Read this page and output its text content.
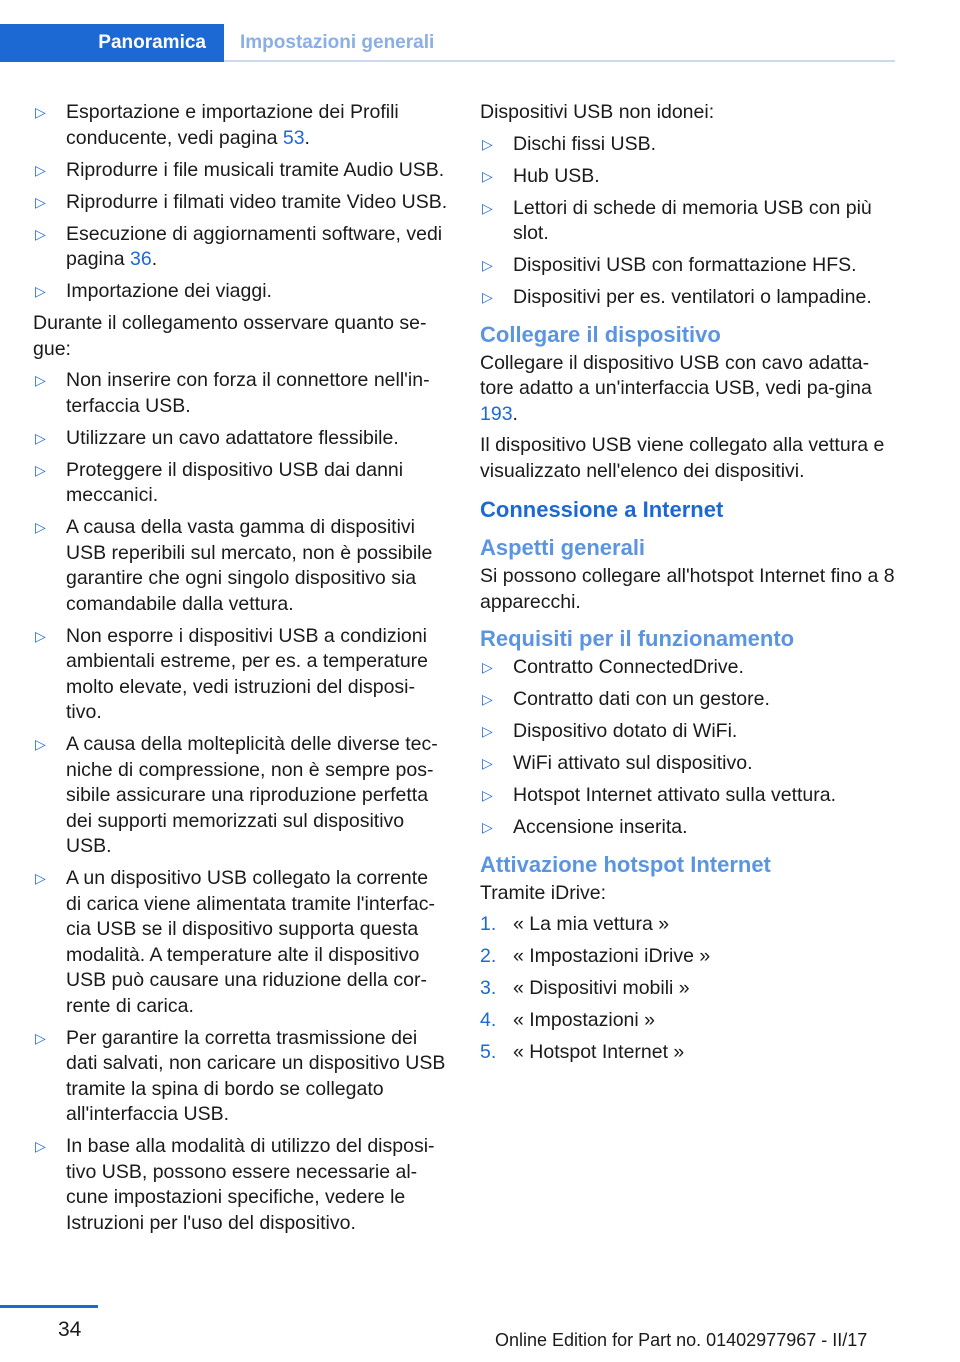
Panoramica	Impostazioni generali
▷ Esportazione e importazione dei Profili conducente, vedi pagina 53.
▷ Riprodurre i file musicali tramite Audio USB.
▷ Riprodurre i filmati video tramite Video USB.
▷ Esecuzione di aggiornamenti software, vedi pagina 36.
▷ Importazione dei viaggi.

Durante il collegamento osservare quanto se-gue:

▷ Non inserire con forza il connettore nell'in-terfaccia USB.
▷ Utilizzare un cavo adattatore flessibile.
▷ Proteggere il dispositivo USB dai danni meccanici.
▷ A causa della vasta gamma di dispositivi USB reperibili sul mercato, non è possibile garantire che ogni singolo dispositivo sia comandabile dalla vettura.
▷ Non esporre i dispositivi USB a condizioni ambientali estreme, per es. a temperature molto elevate, vedi istruzioni del disposi-tivo.
▷ A causa della molteplicità delle diverse tec-niche di compressione, non è sempre pos-sibile assicurare una riproduzione perfetta dei supporti memorizzati sul dispositivo USB.
▷ A un dispositivo USB collegato la corrente di carica viene alimentata tramite l'interfac-cia USB se il dispositivo supporta questa modalità. A temperature alte il dispositivo USB può causare una riduzione della cor-rente di carica.
▷ Per garantire la corretta trasmissione dei dati salvati, non caricare un dispositivo USB tramite la spina di bordo se collegato all'interfaccia USB.
▷ In base alla modalità di utilizzo del disposi-tivo USB, possono essere necessarie al-cune impostazioni specifiche, vedere le Istruzioni per l'uso del dispositivo.

Dispositivi USB non idonei:

▷ Dischi fissi USB.
▷ Hub USB.
▷ Lettori di schede di memoria USB con più slot.
▷ Dispositivi USB con formattazione HFS.
▷ Dispositivi per es. ventilatori o lampadine.
Collegare il dispositivo

Collegare il dispositivo USB con cavo adatta-tore adatto a un'interfaccia USB, vedi pa-gina 193.

Il dispositivo USB viene collegato alla vettura e visualizzato nell'elenco dei dispositivi.

Connessione a Internet
Aspetti generali

Si possono collegare all'hotspot Internet fino a 8 apparecchi.

Requisiti per il funzionamento
▷ Contratto ConnectedDrive.
▷ Contratto dati con un gestore.
▷ Dispositivo dotato di WiFi.
▷ WiFi attivato sul dispositivo.
▷ Hotspot Internet attivato sulla vettura.
▷ Accensione inserita.
Attivazione hotspot Internet

Tramite iDrive:

1. « La mia vettura »
2. « Impostazioni iDrive »
3. « Dispositivi mobili »
4. « Impostazioni »
5. « Hotspot Internet »
34	Online Edition for Part no. 01402977967 - II/17
